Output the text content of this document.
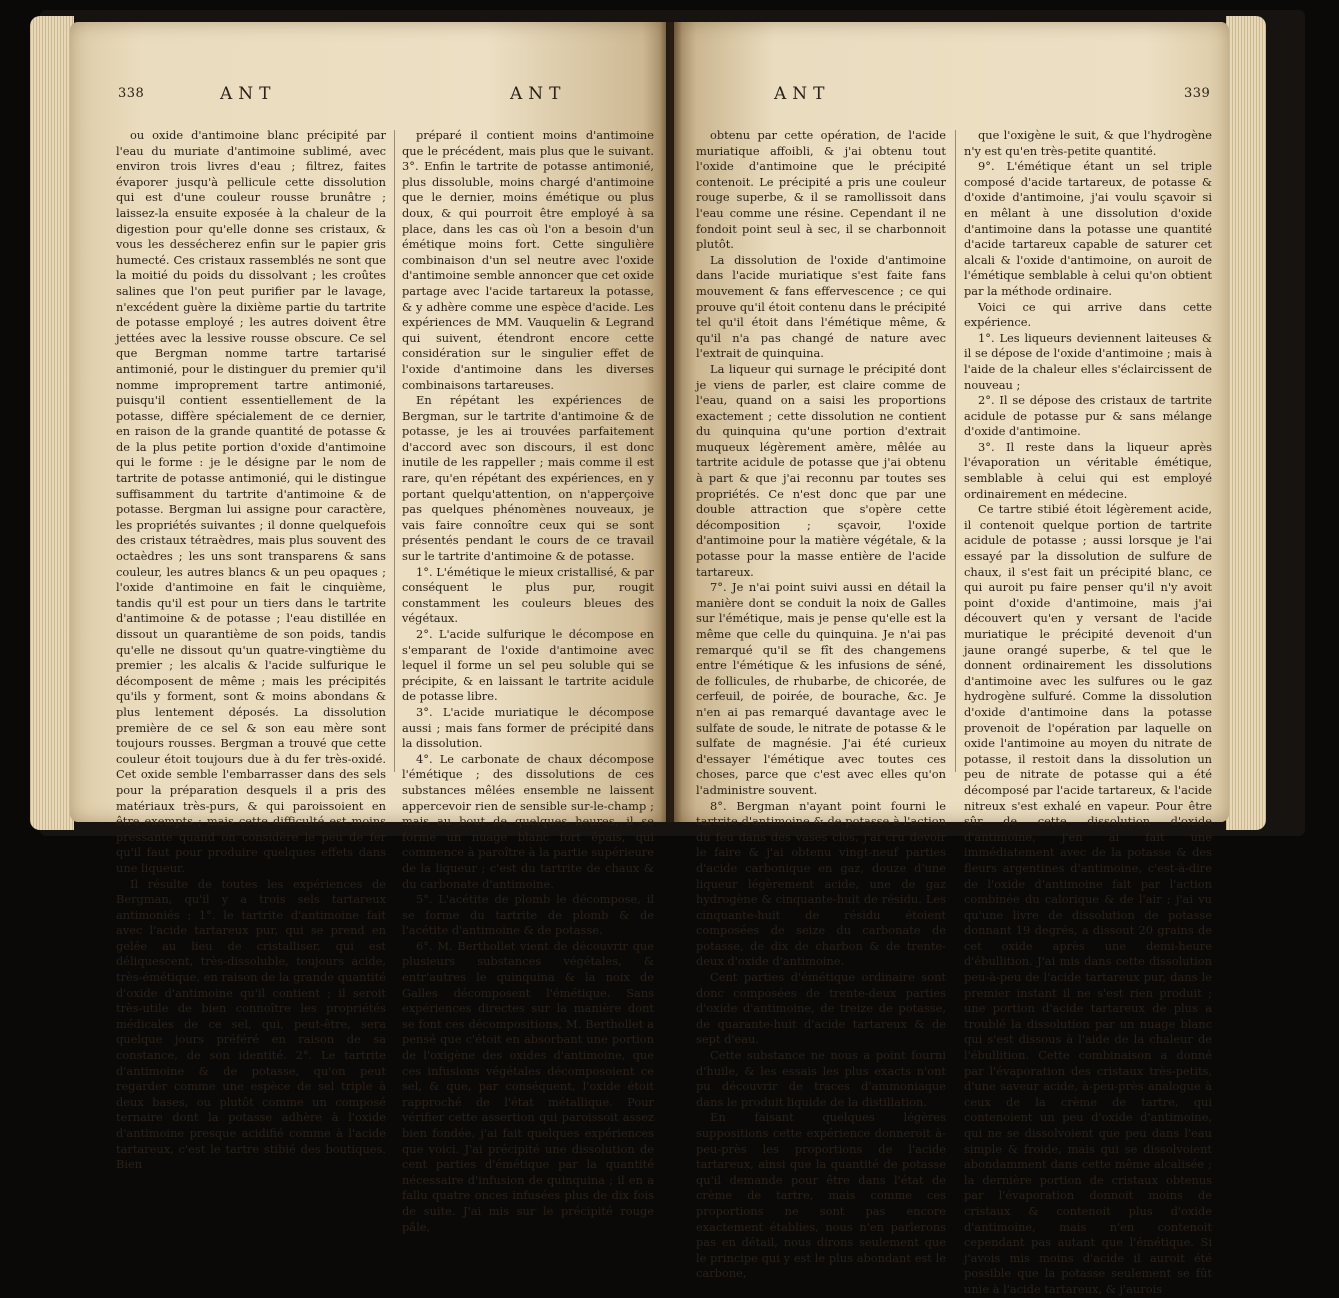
338	ANT	ANT

ou oxide d'antimoine blanc précipité par l'eau du muriate d'antimoine sublimé, avec environ trois livres d'eau ; filtrez, faites évaporer jusqu'à pellicule cette dissolution qui est d'une couleur rousse brunâtre ; laissez-la ensuite exposée à la chaleur de la digestion pour qu'elle donne ses cristaux, & vous les dessécherez enfin sur le papier gris humecté. Ces cristaux rassemblés ne sont que la moitié du poids du dissolvant ; les croûtes salines que l'on peut purifier par le lavage, n'excédent guère la dixième partie du tartrite de potasse employé ; les autres doivent être jettées avec la lessive rousse obscure. Ce sel que Bergman nomme tartre tartarisé antimonié, pour le distinguer du premier qu'il nomme improprement tartre antimonié, puisqu'il contient essentiellement de la potasse, diffère spécialement de ce dernier, en raison de la grande quantité de potasse & de la plus petite portion d'oxide d'antimoine qui le forme : je le désigne par le nom de tartrite de potasse antimonié, qui le distingue suffisamment du tartrite d'antimoine & de potasse. Bergman lui assigne pour caractère, les propriétés suivantes ; il donne quelquefois des cristaux tétraèdres, mais plus souvent des octaèdres ; les uns sont transparens & sans couleur, les autres blancs & un peu opaques ; l'oxide d'antimoine en fait le cinquième, tandis qu'il est pour un tiers dans le tartrite d'antimoine & de potasse ; l'eau distillée en dissout un quarantième de son poids, tandis qu'elle ne dissout qu'un quatre-vingtième du premier ; les alcalis & l'acide sulfurique le décomposent de même ; mais les précipités qu'ils y forment, sont & moins abondans & plus lentement déposés. La dissolution première de ce sel & son eau mère sont toujours rousses. Bergman a trouvé que cette couleur étoit toujours due à du fer très-oxidé. Cet oxide semble l'embarrasser dans des sels pour la préparation desquels il a pris des matériaux très-purs, & qui paroissoient en être exempts ; mais cette difficulté est moins pressante quand on considère le peu de fer qu'il faut pour produire quelques effets dans une liqueur.

Il résulte de toutes les expériences de Bergman, qu'il y a trois sels tartareux antimoniés ; 1°. le tartrite d'antimoine fait avec l'acide tartareux pur, qui se prend en gelée au lieu de cristalliser, qui est déliquescent, très-dissoluble, toujours acide, très-émétique, en raison de la grande quantité d'oxide d'antimoine qu'il contient ; il seroit très-utile de bien connoître les propriétés médicales de ce sel, qui, peut-être, sera quelque jours préféré en raison de sa constance, de son identité. 2°. Le tartrite d'antimoine & de potasse, qu'on peut regarder comme une espèce de sel triple à deux bases, ou plutôt comme un composé ternaire dont la potasse adhère à l'oxide d'antimoine presque acidifié comme à l'acide tartareux, c'est le tartre stibié des boutiques. Bien

préparé il contient moins d'antimoine que le précédent, mais plus que le suivant. 3°. Enfin le tartrite de potasse antimonié, plus dissoluble, moins chargé d'antimoine que le dernier, moins émétique ou plus doux, & qui pourroit être employé à sa place, dans les cas où l'on a besoin d'un émétique moins fort. Cette singulière combinaison d'un sel neutre avec l'oxide d'antimoine semble annoncer que cet oxide partage avec l'acide tartareux la potasse, & y adhère comme une espèce d'acide. Les expériences de MM. Vauquelin & Legrand qui suivent, étendront encore cette considération sur le singulier effet de l'oxide d'antimoine dans les diverses combinaisons tartareuses.

En répétant les expériences de Bergman, sur le tartrite d'antimoine & de potasse, je les ai trouvées parfaitement d'accord avec son discours, il est donc inutile de les rappeller ; mais comme il est rare, qu'en répétant des expériences, en y portant quelqu'attention, on n'apperçoive pas quelques phénomènes nouveaux, je vais faire connoître ceux qui se sont présentés pendant le cours de ce travail sur le tartrite d'antimoine & de potasse.

1°. L'émétique le mieux cristallisé, & par conséquent le plus pur, rougit constamment les couleurs bleues des végétaux.

2°. L'acide sulfurique le décompose en s'emparant de l'oxide d'antimoine avec lequel il forme un sel peu soluble qui se précipite, & en laissant le tartrite acidule de potasse libre.

3°. L'acide muriatique le décompose aussi ; mais fans former de précipité dans la dissolution.

4°. Le carbonate de chaux décompose l'émétique ; des dissolutions de ces substances mêlées ensemble ne laissent appercevoir rien de sensible sur-le-champ ; mais au bout de quelques heures, il se forme un nuage blanc fort épais, qui commence à paroître à la partie supérieure de la liqueur ; c'est du tartrite de chaux & du carbonate d'antimoine.

5°. L'acétite de plomb le décompose, il se forme du tartrite de plomb & de l'acétite d'antimoine & de potasse.

6°. M. Berthollet vient de découvrir que plusieurs substances végétales, & entr'autres le quinquina & la noix de Galles décomposent l'émétique. Sans expériences directes sur la manière dont se font ces décompositions, M. Berthollet a pensé que c'étoit en absorbant une portion de l'oxigène des oxides d'antimoine, que ces infusions végétales décomposoient ce sel, & que, par conséquent, l'oxide étoit rapproché de l'état métallique. Pour vérifier cette assertion qui paroissoit assez bien fondée, j'ai fait quelques expériences que voici. J'ai précipité une dissolution de cent parties d'émétique par la quantité nécessaire d'infusion de quinquina ; il en a fallu quatre onces infusées plus de dix fois de suite. J'ai mis sur le précipité rouge pâle,

ANT	339

obtenu par cette opération, de l'acide muriatique affoibli, & j'ai obtenu tout l'oxide d'antimoine que le précipité contenoit. Le précipité a pris une couleur rouge superbe, & il se ramollissoit dans l'eau comme une résine. Cependant il ne fondoit point seul à sec, il se charbonnoit plutôt.

La dissolution de l'oxide d'antimoine dans l'acide muriatique s'est faite fans mouvement & fans effervescence ; ce qui prouve qu'il étoit contenu dans le précipité tel qu'il étoit dans l'émétique même, & qu'il n'a pas changé de nature avec l'extrait de quinquina.

La liqueur qui surnage le précipité dont je viens de parler, est claire comme de l'eau, quand on a saisi les proportions exactement ; cette dissolution ne contient du quinquina qu'une portion d'extrait muqueux légèrement amère, mêlée au tartrite acidule de potasse que j'ai obtenu à part & que j'ai reconnu par toutes ses propriétés. Ce n'est donc que par une double attraction que s'opère cette décomposition ; sçavoir, l'oxide d'antimoine pour la matière végétale, & la potasse pour la masse entière de l'acide tartareux.

7°. Je n'ai point suivi aussi en détail la manière dont se conduit la noix de Galles sur l'émétique, mais je pense qu'elle est la même que celle du quinquina. Je n'ai pas remarqué qu'il se fît des changemens entre l'émétique & les infusions de séné, de follicules, de rhubarbe, de chicorée, de cerfeuil, de poirée, de bourache, &c. Je n'en ai pas remarqué davantage avec le sulfate de soude, le nitrate de potasse & le sulfate de magnésie. J'ai été curieux d'essayer l'émétique avec toutes ces choses, parce que c'est avec elles qu'on l'administre souvent.

8°. Bergman n'ayant point fourni le tartrite d'antimoine & de potasse à l'action du feu dans des vases clos, j'ai cru devoir le faire & j'ai obtenu vingt-neuf parties d'acide carbonique en gaz, douze d'une liqueur légèrement acide, une de gaz hydrogène & cinquante-huit de résidu. Les cinquante-huit de résidu étoient composées de seize du carbonate de potasse, de dix de charbon & de trente-deux d'oxide d'antimoine.

Cent parties d'émétique ordinaire sont donc composées de trente-deux parties d'oxide d'antimoine, de treize de potasse, de quarante-huit d'acide tartareux & de sept d'eau.

Cette substance ne nous a point fourni d'huile, & les essais les plus exacts n'ont pu découvrir de traces d'ammoniaque dans le produit liquide de la distillation.

En faisant quelques légères suppositions cette expérience donneroit à-peu-près les proportions de l'acide tartareux, ainsi que la quantité de potasse qu'il demande pour être dans l'état de crème de tartre, mais comme ces proportions ne sont pas encore exactement établies, nous n'en parlerons pas en détail, nous dirons seulement que le principe qui y est le plus abondant est le carbone,

que l'oxigène le suit, & que l'hydrogène n'y est qu'en très-petite quantité.

9°. L'émétique étant un sel triple composé d'acide tartareux, de potasse & d'oxide d'antimoine, j'ai voulu sçavoir si en mêlant à une dissolution d'oxide d'antimoine dans la potasse une quantité d'acide tartareux capable de saturer cet alcali & l'oxide d'antimoine, on auroit de l'émétique semblable à celui qu'on obtient par la méthode ordinaire.

Voici ce qui arrive dans cette expérience.

1°. Les liqueurs deviennent laiteuses & il se dépose de l'oxide d'antimoine ; mais à l'aide de la chaleur elles s'éclaircissent de nouveau ;

2°. Il se dépose des cristaux de tartrite acidule de potasse pur & sans mélange d'oxide d'antimoine.

3°. Il reste dans la liqueur après l'évaporation un véritable émétique, semblable à celui qui est employé ordinairement en médecine.

Ce tartre stibié étoit légèrement acide, il contenoit quelque portion de tartrite acidule de potasse ; aussi lorsque je l'ai essayé par la dissolution de sulfure de chaux, il s'est fait un précipité blanc, ce qui auroit pu faire penser qu'il n'y avoit point d'oxide d'antimoine, mais j'ai découvert qu'en y versant de l'acide muriatique le précipité devenoit d'un jaune orangé superbe, & tel que le donnent ordinairement les dissolutions d'antimoine avec les sulfures ou le gaz hydrogène sulfuré. Comme la dissolution d'oxide d'antimoine dans la potasse provenoit de l'opération par laquelle on oxide l'antimoine au moyen du nitrate de potasse, il restoit dans la dissolution un peu de nitrate de potasse qui a été décomposé par l'acide tartareux, & l'acide nitreux s'est exhalé en vapeur. Pour être sûr de cette dissolution d'oxide d'antimoine, j'en ai fait une immédiatement avec de la potasse & des fleurs argentines d'antimoine, c'est-à-dire de l'oxide d'antimoine fait par l'action combinée du calorique & de l'air ; j'ai vu qu'une livre de dissolution de potasse donnant 19 degrés, a dissout 20 grains de cet oxide après une demi-heure d'ébullition. J'ai mis dans cette dissolution peu-à-peu de l'acide tartareux pur, dans le premier instant il ne s'est rien produit ; une portion d'acide tartareux de plus a troublé la dissolution par un nuage blanc qui s'est dissous à l'aide de la chaleur de l'ébullition. Cette combinaison a donné par l'évaporation des cristaux très-petits, d'une saveur acide, à-peu-près analogue à ceux de la crème de tartre, qui contenoient un peu d'oxide d'antimoine, qui ne se dissolvoient que peu dans l'eau simple & froide, mais qui se dissolvoient abondamment dans cette même alcalisée ; la dernière portion de cristaux obtenus par l'évaporation donnoit moins de cristaux & contenoit plus d'oxide d'antimoine, mais n'en contenoit cependant pas autant que l'émétique. Si j'avois mis moins d'acide il auroit été possible que la potasse seulement se fût unie à l'acide tartareux, & j'aurois
